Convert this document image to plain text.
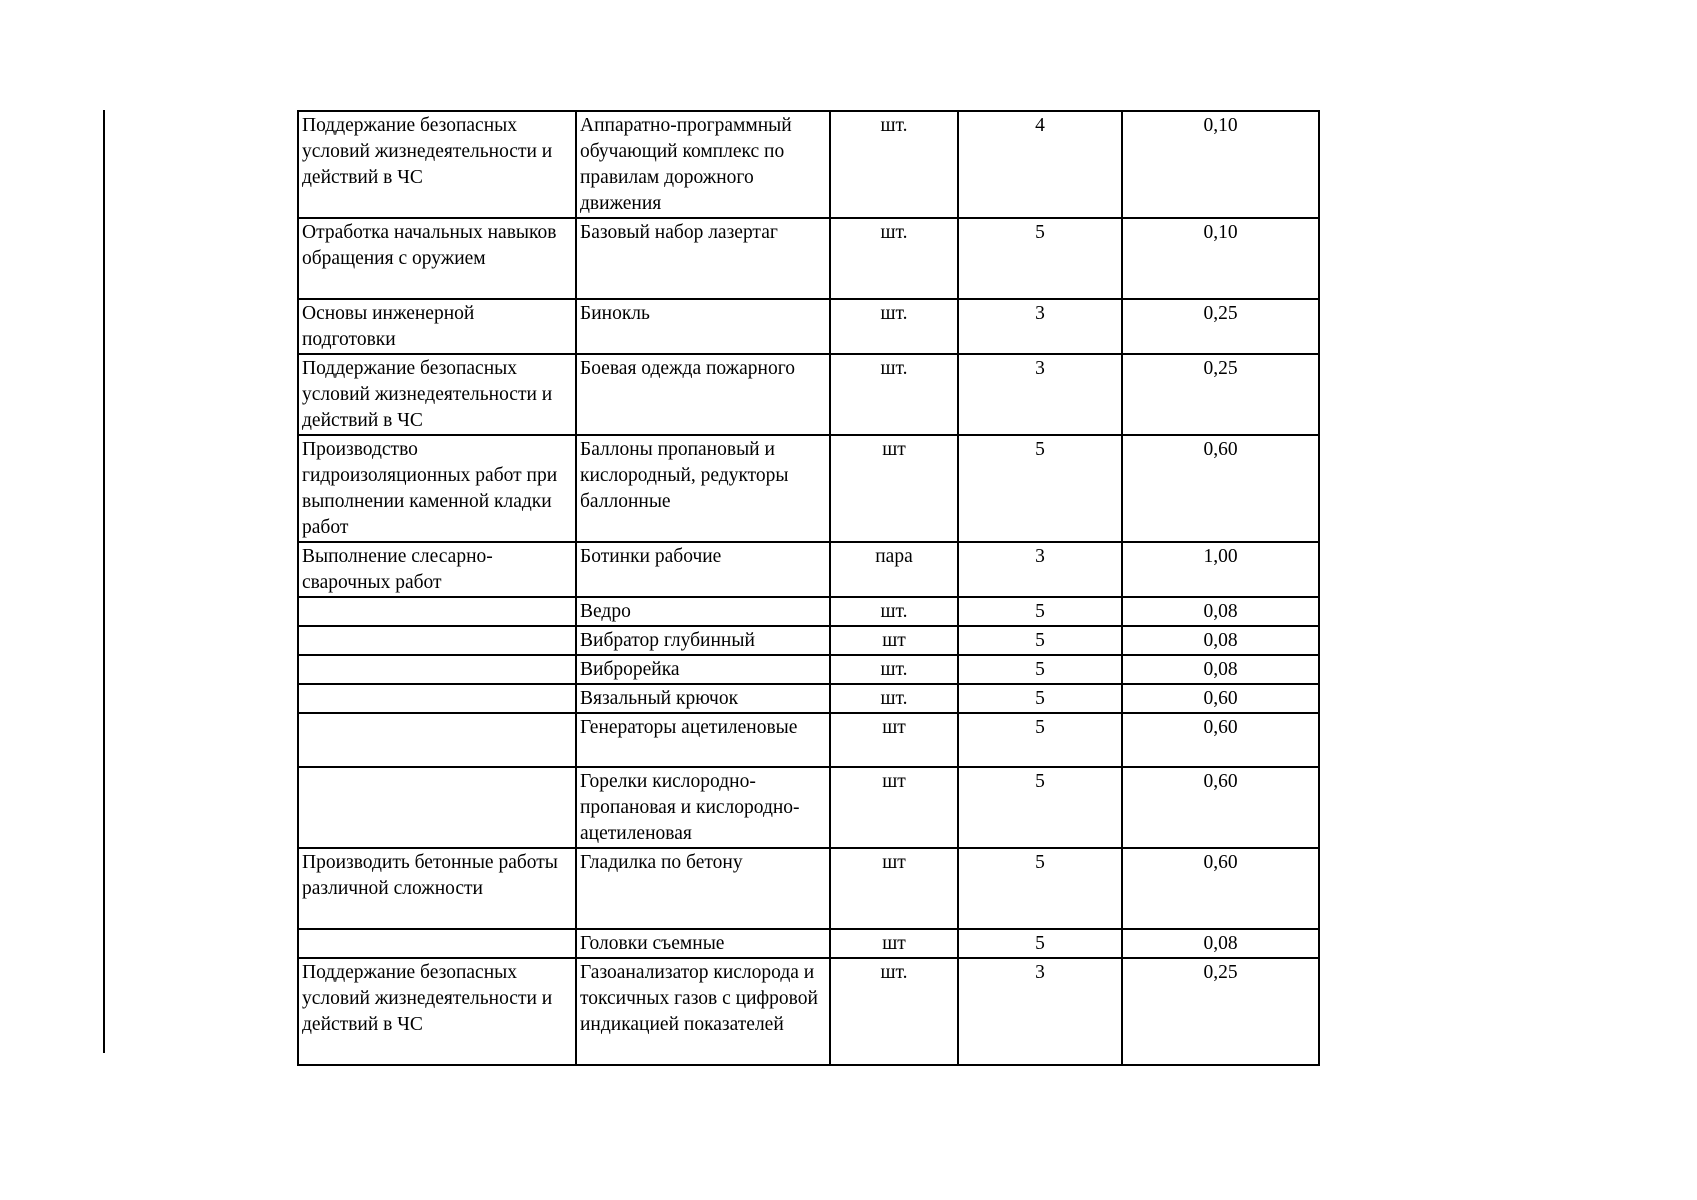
Поддержание безопасных условий жизнедеятельности и действий в ЧС	Аппаратно-программный обучающий комплекс по правилам дорожного движения	шт.	4	0,10
Отработка начальных навыков обращения с оружием	Базовый набор лазертаг	шт.	5	0,10
Основы инженерной подготовки	Бинокль	шт.	3	0,25
Поддержание безопасных условий жизнедеятельности и действий в ЧС	Боевая одежда пожарного	шт.	3	0,25
Производство гидроизоляционных работ при выполнении каменной кладки работ	Баллоны пропановый и кислородный, редукторы баллонные	шт	5	0,60
Выполнение слесарно-сварочных работ	Ботинки рабочие	пара	3	1,00
	Ведро	шт.	5	0,08
	Вибратор глубинный	шт	5	0,08
	Виброрейка	шт.	5	0,08
	Вязальный крючок	шт.	5	0,60
	Генераторы ацетиленовые	шт	5	0,60
	Горелки кислородно-пропановая и кислородно-ацетиленовая	шт	5	0,60
Производить бетонные работы различной сложности	Гладилка по бетону	шт	5	0,60
	Головки съемные	шт	5	0,08
Поддержание безопасных условий жизнедеятельности и действий в ЧС	Газоанализатор кислорода и токсичных газов с цифровой индикацией показателей	шт.	3	0,25
